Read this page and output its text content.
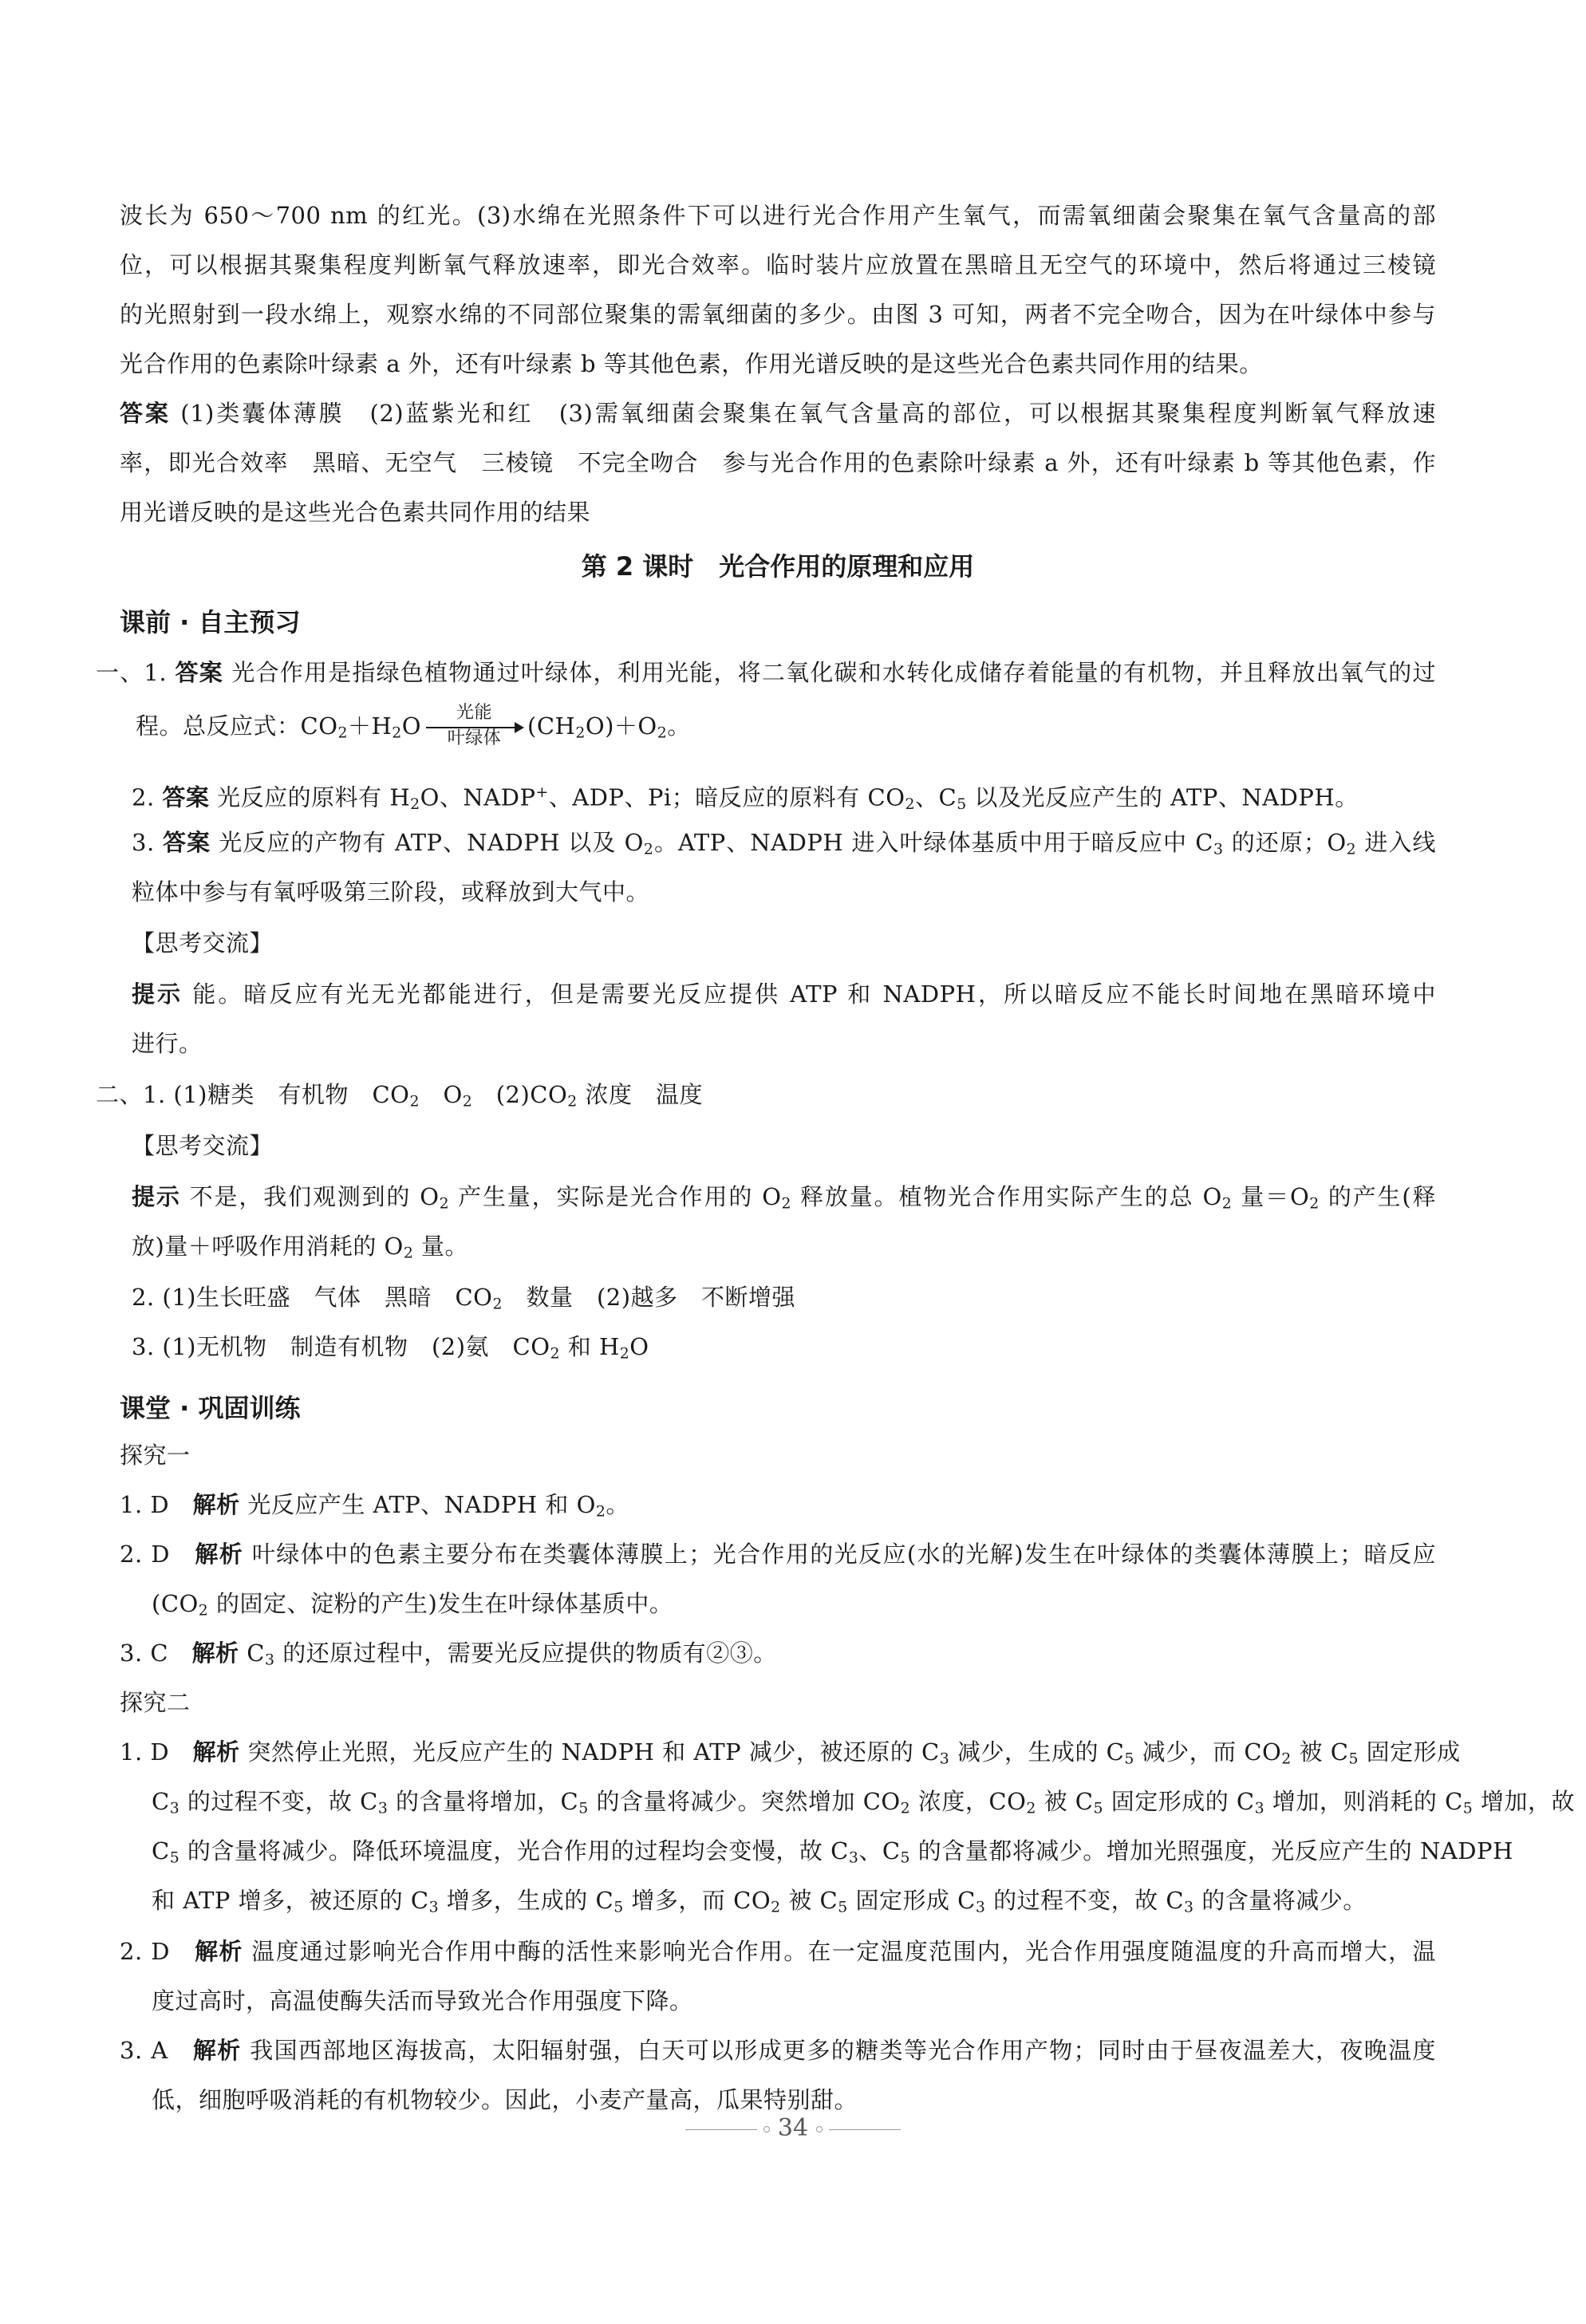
波长为 650～700 nm 的红光。(3)水绵在光照条件下可以进行光合作用产生氧气，而需氧细菌会聚集在氧气含量高的部
位，可以根据其聚集程度判断氧气释放速率，即光合效率。临时装片应放置在黑暗且无空气的环境中，然后将通过三棱镜
的光照射到一段水绵上，观察水绵的不同部位聚集的需氧细菌的多少。由图 3 可知，两者不完全吻合，因为在叶绿体中参与
光合作用的色素除叶绿素 a 外，还有叶绿素 b 等其他色素，作用光谱反映的是这些光合色素共同作用的结果。
答案 (1)类囊体薄膜　(2)蓝紫光和红　(3)需氧细菌会聚集在氧气含量高的部位，可以根据其聚集程度判断氧气释放速
率，即光合效率　黑暗、无空气　三棱镜　不完全吻合　参与光合作用的色素除叶绿素 a 外，还有叶绿素 b 等其他色素，作
用光谱反映的是这些光合色素共同作用的结果
第 2 课时　光合作用的原理和应用
课前 · 自主预习
一、1. 答案 光合作用是指绿色植物通过叶绿体，利用光能，将二氧化碳和水转化成储存着能量的有机物，并且释放出氧气的过
程。总反应式：$CO_2+H_2O$	光能
叶绿体	$(CH_2O)+O_2$。
2. 答案 光反应的原料有 $H_2O$、NADP+、ADP、Pi；暗反应的原料有 $CO_2$、$C_5$ 以及光反应产生的 ATP、NADPH。
3. 答案 光反应的产物有 ATP、NADPH 以及 $O_2$。ATP、NADPH 进入叶绿体基质中用于暗反应中 $C_3$ 的还原；$O_2$ 进入线
粒体中参与有氧呼吸第三阶段，或释放到大气中。
【思考交流】
提示 能。暗反应有光无光都能进行，但是需要光反应提供 ATP 和 NADPH，所以暗反应不能长时间地在黑暗环境中
进行。
二、1. (1)糖类　有机物　$CO_2$　$O_2$　$(2)CO_2$ 浓度　温度
【思考交流】
提示 不是，我们观测到的 $O_2$ 产生量，实际是光合作用的 $O_2$ 释放量。植物光合作用实际产生的总 $O_2$ 量$=O_2$ 的产生(释
放)量＋呼吸作用消耗的 $O_2$ 量。
2. (1)生长旺盛　气体　黑暗　$CO_2$　数量　(2)越多　不断增强
3. (1)无机物　制造有机物　(2)氨　$CO_2$ 和 $H_2O$
课堂 · 巩固训练
探究一
1. D　解析 光反应产生 ATP、NADPH 和 $O_2$。
2. D　解析 叶绿体中的色素主要分布在类囊体薄膜上；光合作用的光反应(水的光解)发生在叶绿体的类囊体薄膜上；暗反应
($CO_2$ 的固定、淀粉的产生)发生在叶绿体基质中。
3. C　解析 $C_3$ 的还原过程中，需要光反应提供的物质有②③。
探究二
1. D　解析 突然停止光照，光反应产生的 NADPH 和 ATP 减少，被还原的 $C_3$ 减少，生成的 $C_5$ 减少，而 $CO_2$ 被 $C_5$ 固定形成
$C_3$ 的过程不变，故 $C_3$ 的含量将增加，$C_5$ 的含量将减少。突然增加 $CO_2$ 浓度，$CO_2$ 被 $C_5$ 固定形成的 $C_3$ 增加，则消耗的 $C_5$ 增加，故
$C_5$ 的含量将减少。降低环境温度，光合作用的过程均会变慢，故 $C_3$、$C_5$ 的含量都将减少。增加光照强度，光反应产生的 NADPH
和 ATP 增多，被还原的 $C_3$ 增多，生成的 $C_5$ 增多，而 $CO_2$ 被 $C_5$ 固定形成 $C_3$ 的过程不变，故 $C_3$ 的含量将减少。
2. D　解析 温度通过影响光合作用中酶的活性来影响光合作用。在一定温度范围内，光合作用强度随温度的升高而增大，温
度过高时，高温使酶失活而导致光合作用强度下降。
3. A　解析 我国西部地区海拔高，太阳辐射强，白天可以形成更多的糖类等光合作用产物；同时由于昼夜温差大，夜晚温度
低，细胞呼吸消耗的有机物较少。因此，小麦产量高，瓜果特别甜。
34
